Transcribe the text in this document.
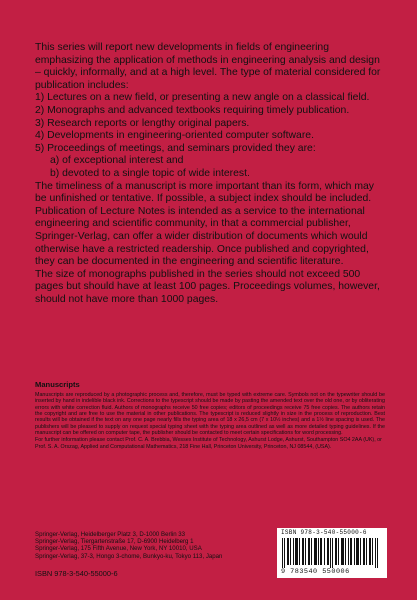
This series will report new developments in fields of engineering emphasizing the application of methods in engineering analysis and design – quickly, informally, and at a high level. The type of material considered for publication includes:

1) Lectures on a new field, or presenting a new angle on a classical field.

2) Monographs and advanced textbooks requiring timely publication.

3) Research reports or lengthy original papers.

4) Developments in engineering-oriented computer software.

5) Proceedings of meetings, and seminars provided they are:

a) of exceptional interest and

b) devoted to a single topic of wide interest.

The timeliness of a manuscript is more important than its form, which may be unfinished or tentative. If possible, a subject index should be included. Publication of Lecture Notes is intended as a service to the international engineering and scientific community, in that a commercial publisher, Springer-Verlag, can offer a wider distribution of documents which would otherwise have a restricted readership. Once published and copyrighted, they can be documented in the engineering and scientific literature.

The size of monographs published in the series should not exceed 500 pages but should have at least 100 pages. Proceedings volumes, however, should not have more than 1000 pages.

Manuscripts

Manuscripts are reproduced by a photographic process and, therefore, must be typed with extreme care. Symbols not on the typewriter should be inserted by hand in indelible black ink. Corrections to the typescript should be made by pasting the amended text over the old one, or by obliterating errors with white correction fluid. Authors of monographs receive 50 free copies; editors of proceedings receive 75 free copies. The authors retain the copyright and are free to use the material in other publications. The typescript is reduced slightly in size in the process of reproduction. Best results will be obtained if the text on any one page nearly fills the typing area of 18 x 26,5 cm (7 x 10½ inches) and a 1½ line spacing is used. The publishers will be pleased to supply on request special typing sheet with the typing area outlined as well as more detailed typing guidelines. If the manuscript can be offered on computer tape, the publisher should be contacted to meet certain specifications for word processing.

For further information please contact Prof. C. A. Brebbia, Wessex Institute of Technology, Ashurst Lodge, Ashurst, Southampton SO4 2AA (UK), or Prof. S. A. Orszag, Applied and Computational Mathematics, 218 Fine Hall, Princeton University, Princeton, NJ 08544, (USA).

Springer-Verlag, Heidelberger Platz 3, D-1000 Berlin 33
Springer-Verlag, Tiergartenstraße 17, D-6900 Heidelberg 1
Springer-Verlag, 175 Fifth Avenue, New York, NY 10010, USA
Springer-Verlag, 37-3, Hongo 3-chome, Bunkyo-ku, Tokyo 113, Japan
ISBN 978-3-540-55000-6
ISBN 978-3-540-55000-6
9 783540 550006
